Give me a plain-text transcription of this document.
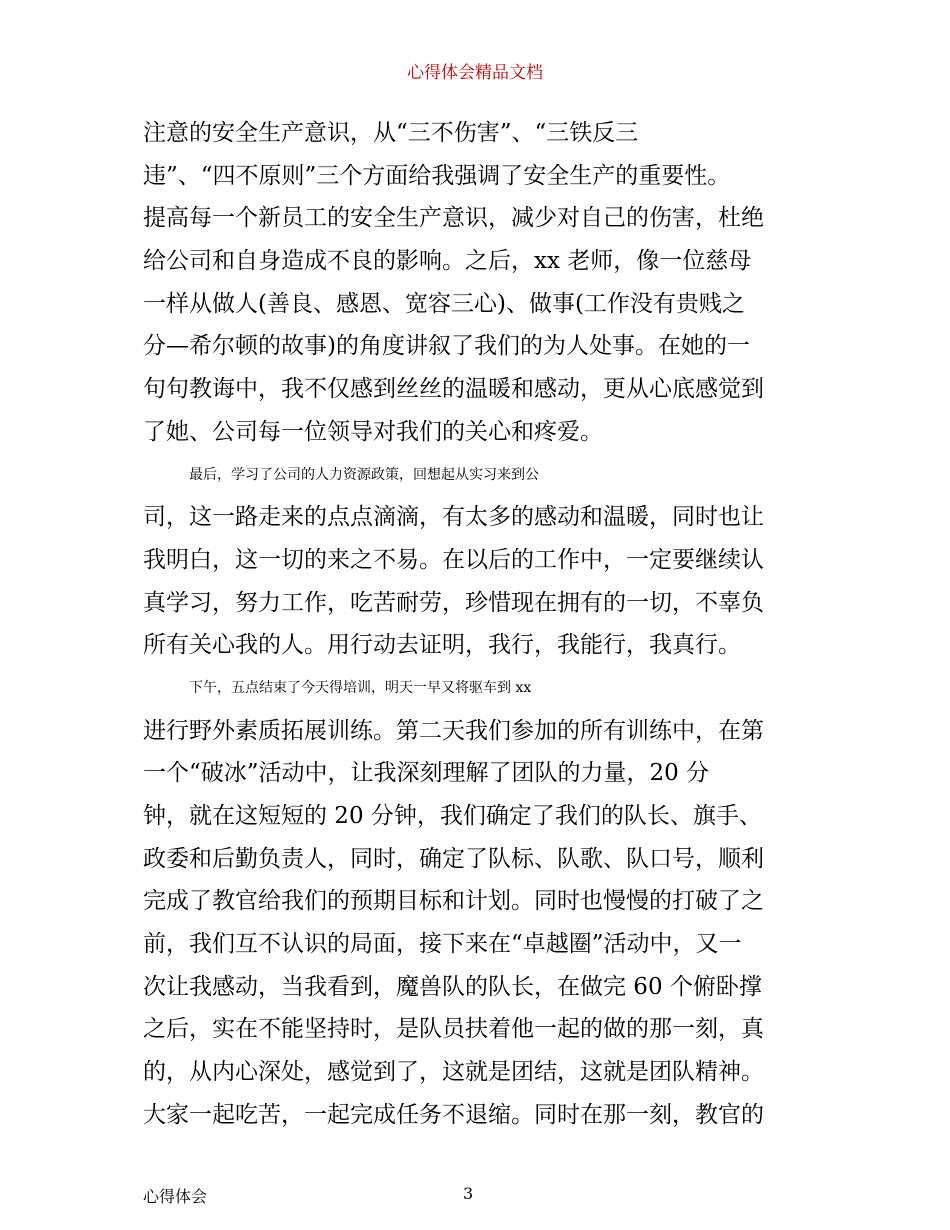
心得体会精品文档
注意的安全生产意识，从“三不伤害”、“三铁反三
违”、“四不原则”三个方面给我强调了安全生产的重要性。
提高每一个新员工的安全生产意识，减少对自己的伤害，杜绝
给公司和自身造成不良的影响。之后，xx 老师，像一位慈母
一样从做人(善良、感恩、宽容三心)、做事(工作没有贵贱之
分—希尔顿的故事)的角度讲叙了我们的为人处事。在她的一
句句教诲中，我不仅感到丝丝的温暖和感动，更从心底感觉到
了她、公司每一位领导对我们的关心和疼爱。
最后，学习了公司的人力资源政策，回想起从实习来到公
司，这一路走来的点点滴滴，有太多的感动和温暖，同时也让
我明白，这一切的来之不易。在以后的工作中，一定要继续认
真学习，努力工作，吃苦耐劳，珍惜现在拥有的一切，不辜负
所有关心我的人。用行动去证明，我行，我能行，我真行。
下午，五点结束了今天得培训，明天一早又将驱车到 xx
进行野外素质拓展训练。第二天我们参加的所有训练中，在第
一个“破冰”活动中，让我深刻理解了团队的力量，20 分
钟，就在这短短的 20 分钟，我们确定了我们的队长、旗手、
政委和后勤负责人，同时，确定了队标、队歌、队口号，顺利
完成了教官给我们的预期目标和计划。同时也慢慢的打破了之
前，我们互不认识的局面，接下来在“卓越圈”活动中，又一
次让我感动，当我看到，魔兽队的队长，在做完 60 个俯卧撑
之后，实在不能坚持时，是队员扶着他一起的做的那一刻，真
的，从内心深处，感觉到了，这就是团结，这就是团队精神。
大家一起吃苦，一起完成任务不退缩。同时在那一刻，教官的
心得体会	3
